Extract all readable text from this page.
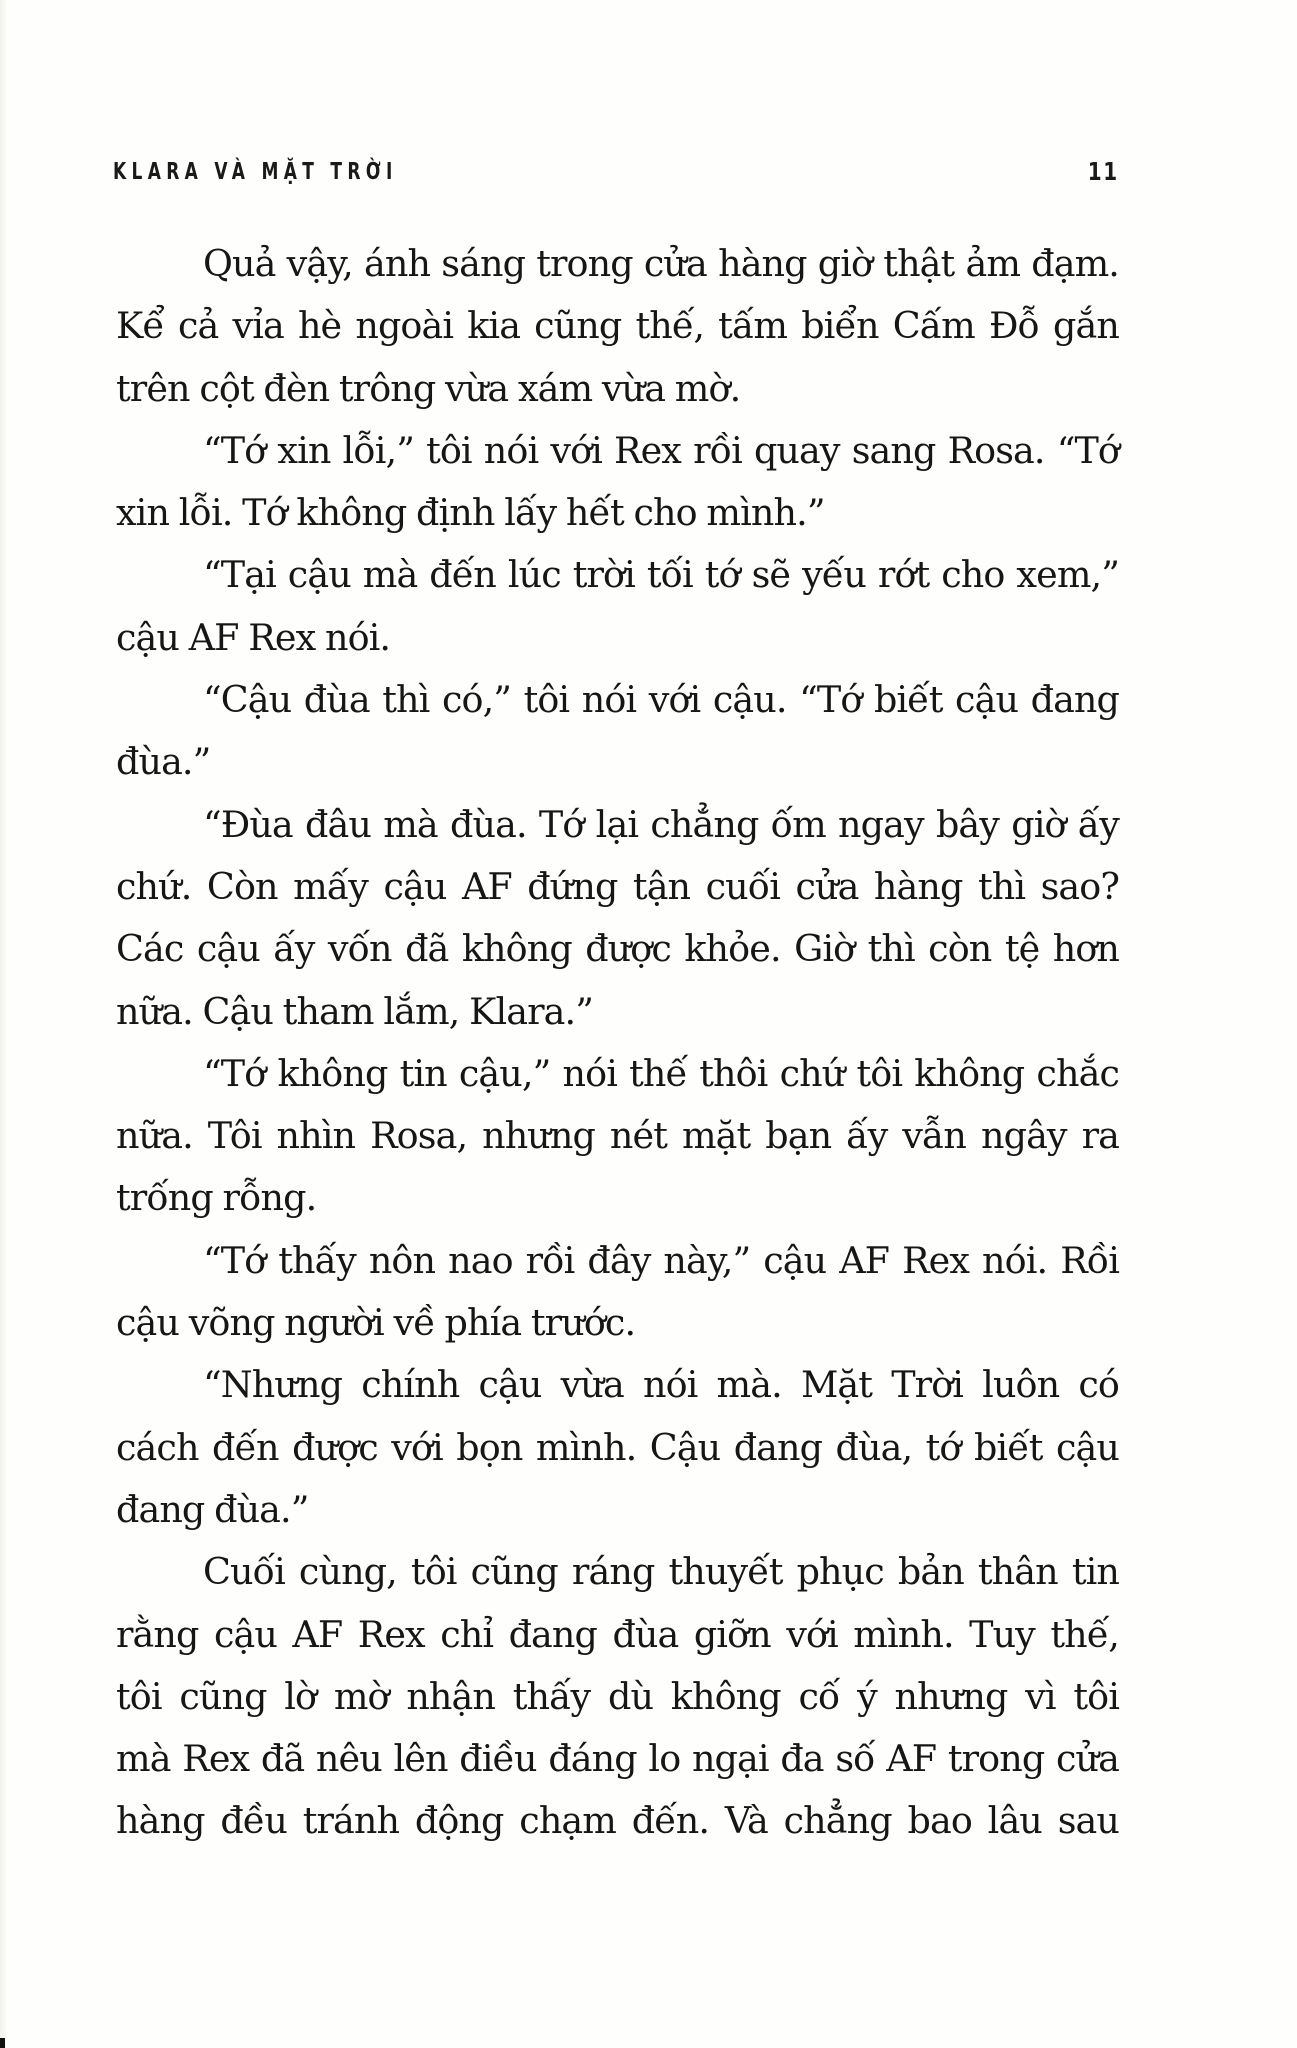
KLARA VÀ MẶT TRỜI	11
Quả vậy, ánh sáng trong cửa hàng giờ thật ảm đạm.
Kể cả vỉa hè ngoài kia cũng thế, tấm biển Cấm Đỗ gắn
trên cột đèn trông vừa xám vừa mờ.
“Tớ xin lỗi,” tôi nói với Rex rồi quay sang Rosa. “Tớ
xin lỗi. Tớ không định lấy hết cho mình.”
“Tại cậu mà đến lúc trời tối tớ sẽ yếu rớt cho xem,”
cậu AF Rex nói.
“Cậu đùa thì có,” tôi nói với cậu. “Tớ biết cậu đang
đùa.”
“Đùa đâu mà đùa. Tớ lại chẳng ốm ngay bây giờ ấy
chứ. Còn mấy cậu AF đứng tận cuối cửa hàng thì sao?
Các cậu ấy vốn đã không được khỏe. Giờ thì còn tệ hơn
nữa. Cậu tham lắm, Klara.”
“Tớ không tin cậu,” nói thế thôi chứ tôi không chắc
nữa. Tôi nhìn Rosa, nhưng nét mặt bạn ấy vẫn ngây ra
trống rỗng.
“Tớ thấy nôn nao rồi đây này,” cậu AF Rex nói. Rồi
cậu võng người về phía trước.
“Nhưng chính cậu vừa nói mà. Mặt Trời luôn có
cách đến được với bọn mình. Cậu đang đùa, tớ biết cậu
đang đùa.”
Cuối cùng, tôi cũng ráng thuyết phục bản thân tin
rằng cậu AF Rex chỉ đang đùa giỡn với mình. Tuy thế,
tôi cũng lờ mờ nhận thấy dù không cố ý nhưng vì tôi
mà Rex đã nêu lên điều đáng lo ngại đa số AF trong cửa
hàng đều tránh động chạm đến. Và chẳng bao lâu sau
